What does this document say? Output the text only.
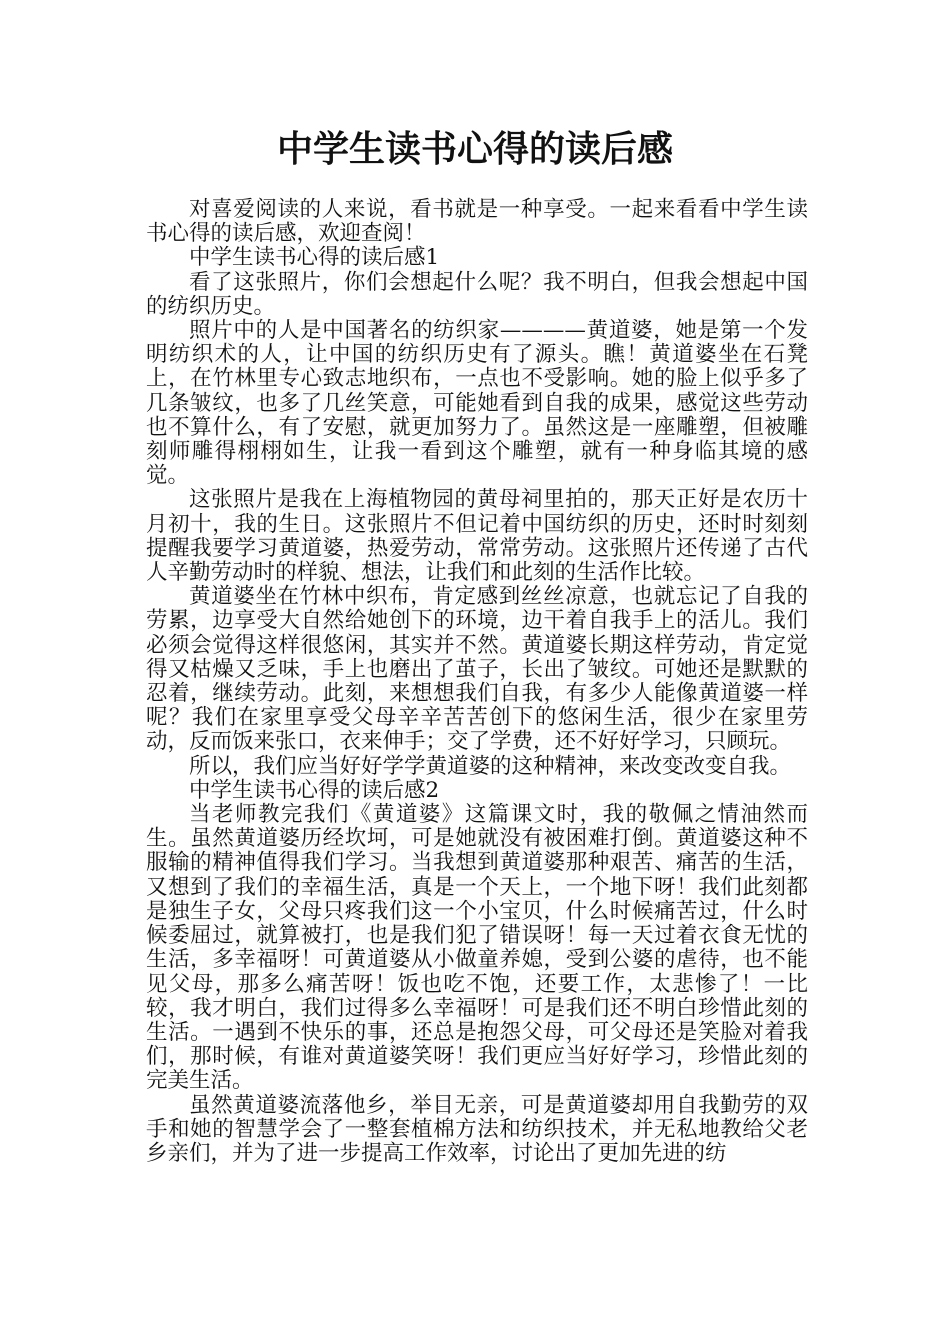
中学生读书心得的读后感

对喜爱阅读的人来说，看书就是一种享受。一起来看看中学生读书心得的读后感，欢迎查阅！

中学生读书心得的读后感1

看了这张照片，你们会想起什么呢？我不明白，但我会想起中国的纺织历史。

照片中的人是中国著名的纺织家————黄道婆，她是第一个发明纺织术的人，让中国的纺织历史有了源头。瞧！黄道婆坐在石凳上，在竹林里专心致志地织布，一点也不受影响。她的脸上似乎多了几条皱纹，也多了几丝笑意，可能她看到自我的成果，感觉这些劳动也不算什么，有了安慰，就更加努力了。虽然这是一座雕塑，但被雕刻师雕得栩栩如生，让我一看到这个雕塑，就有一种身临其境的感觉。

这张照片是我在上海植物园的黄母祠里拍的，那天正好是农历十月初十，我的生日。这张照片不但记着中国纺织的历史，还时时刻刻提醒我要学习黄道婆，热爱劳动，常常劳动。这张照片还传递了古代人辛勤劳动时的样貌、想法，让我们和此刻的生活作比较。

黄道婆坐在竹林中织布，肯定感到丝丝凉意，也就忘记了自我的劳累，边享受大自然给她创下的环境，边干着自我手上的活儿。我们必须会觉得这样很悠闲，其实并不然。黄道婆长期这样劳动，肯定觉得又枯燥又乏味，手上也磨出了茧子，长出了皱纹。可她还是默默的忍着，继续劳动。此刻，来想想我们自我，有多少人能像黄道婆一样呢？我们在家里享受父母辛辛苦苦创下的悠闲生活，很少在家里劳动，反而饭来张口，衣来伸手；交了学费，还不好好学习，只顾玩。

所以，我们应当好好学学黄道婆的这种精神，来改变改变自我。

中学生读书心得的读后感2

当老师教完我们《黄道婆》这篇课文时，我的敬佩之情油然而生。虽然黄道婆历经坎坷，可是她就没有被困难打倒。黄道婆这种不服输的精神值得我们学习。当我想到黄道婆那种艰苦、痛苦的生活，又想到了我们的幸福生活，真是一个天上，一个地下呀！我们此刻都是独生子女，父母只疼我们这一个小宝贝，什么时候痛苦过，什么时候委屈过，就算被打，也是我们犯了错误呀！每一天过着衣食无忧的生活，多幸福呀！可黄道婆从小做童养媳，受到公婆的虐待，也不能见父母，那多么痛苦呀！饭也吃不饱，还要工作，太悲惨了！一比较，我才明白，我们过得多么幸福呀！可是我们还不明白珍惜此刻的生活。一遇到不快乐的事，还总是抱怨父母，可父母还是笑脸对着我们，那时候，有谁对黄道婆笑呀！我们更应当好好学习，珍惜此刻的完美生活。

虽然黄道婆流落他乡，举目无亲，可是黄道婆却用自我勤劳的双手和她的智慧学会了一整套植棉方法和纺织技术，并无私地教给父老乡亲们，并为了进一步提高工作效率，讨论出了更加先进的纺
